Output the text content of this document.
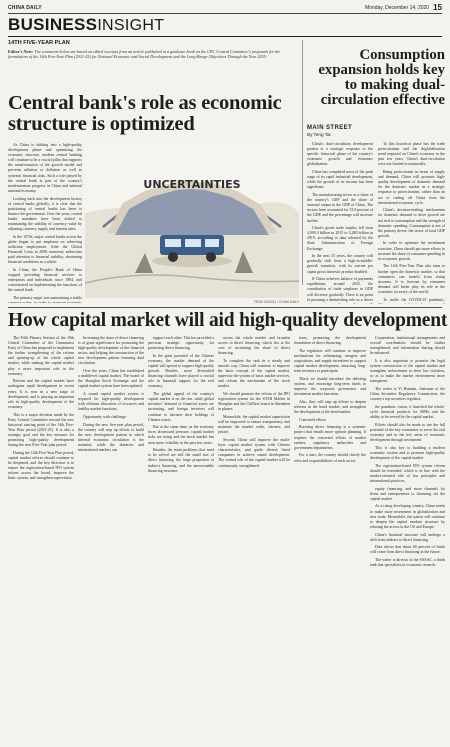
CHINA DAILY	Monday, December 14, 2020 15
BUSINESSINSIGHT
14TH FIVE-YEAR PLAN
Editor's Note: The comments below are based on edited excerpts from an article published in a guidance book on the CPC Central Committee's proposals for the formulation of the 14th Five-Year Plan (2021-25) for National Economic and Social Development and the Long-Range Objectives Through the Year 2035.
Central bank's role as economic structure is optimized
UNCERTAINTIES
FENG ZHUOLI / CHINA DAILY

As China is shifting into a high-quality development phase and optimizing the economic structure, modern central banking will continue to be a crucial pillar that supports the transformation of the growth model and prevents inflation or deflation as well as systemic financial risks. Such a role played by the central bank is part of the country's modernization progress in China and national national economy.

Looking back into the development history of central banks globally, it is clear that the positioning of central banks has been to finance the government. Over the years, central banks' mandates have been shifted to maintaining the stability of currency value by adjusting currency supply and interest rates.

In the 1970s, major central banks across the globe began to put emphasis on achieving sufficient employment. After the Global Financial Crisis in 2008, monetary authorities paid attention to financial stability, shortening financial conditions as a whole.

In China, the People's Bank of China stopped providing financial services to enterprises and individuals since 1984, and concentrated on implementing the functions of the central bank.

The primary target was maintaining a stable

Consumption expansion holds key to making dual-circulation effective
MAIN STREET
By Teng Tai

China's dual-circulation development pattern is a strategic response to the specific historical phase of the country's economic growth and economic globalization.

China has completed most of the peak stage of its rapid industrial development, while the growth of its income has been significant.

The manufacturing sector as a share of the country's GDP and the share of national output in the GDP of China. The sectors have accounted for 53.8 percent of the GDP, and the percentage will increase further.

China's goods trade surplus fell from 4,090.3 billion in 2015 to 3,280 billion in 2019, according to data released by the State Administration of Foreign Exchange.

In the next 15 years, the country will gradually shift from a high-to-middle-growth transition, with its current per capita gross domestic product doubled.

If China achieves balance of payments equilibrium, around 2025, the contribution of trade surpluses to GDP will decrease gradually. There is no point in pursuing a diminishing role as a driver

To this historical phase has the trade protectionism and the deglobalization trend imposed on China's economy in the past few years. China's dual-circulation were not limited economically.

Being protectionist in terms of supply and demand, China will promote high-quality development of domestic demand for the domestic market as a strategic response to protectionism, rather than an act of cutting off China from the international economic cycle.

China's decision-making mechanisms for domestic demand to drive growth are not tied to consumption and the strength of domestic spending. Consumption is not of the primary driver, the sector of total GDP growth.

In order to optimize the investment structure, China should put more efforts to increase the share of consumer spending in its economic growth.

The 14th Five-Year Plan also aims to further open the domestic market, so that consumers can benefit from rising incomes. It is forecast by consumer demand will better play its role in the economic recovery of the world.

To tackle the COVID-19 pandemic,

How capital market will aid high-quality development

The Fifth Plenary Session of the 19th Central Committee of the Communist Party of China has proposed to implement the further strengthening of the reform and opening-up of the whole capital market, while making the capital market play a more important role in the economy.

Reform and the capital market have undergone rapid development in recent years. It is now in a new stage of development, and is playing an important role in high-quality development of the economy.

This is a major decision made by the Party Central Committee toward the new historical starting point of the 14th Five-Year Plan period (2021-25). It is also a strategic goal and the key measure for promoting high-quality development during the new Five-Year plan period.

During the 14th Five-Year Plan period, capital market reform should continue to be deepened, and the key direction is to ensure the registration-based IPO system reform across the board, improve the basic system, and strengthen supervision.

Increasing the share of direct financing is of great significance for promoting the high-quality development of the financial sector, and helping the construction of the new development pattern featuring dual circulation.

Over the years, China has established a multilevel capital market. The board of the Shanghai Stock Exchange and the capital market system have been updated.

A sound capital market system is required for high-quality development with efficient allocation of resources and healthy market functions.

Opportunity with challenge

During the new five-year plan period, the country will step up efforts to build the new development pattern in which internal economic circulation is the mainstay while the domestic and international markets can

support each other. This has provided a precious strategic opportunity for promoting direct financing.

In the great potential of the Chinese economy, the market demand of the capital will spread to support high-quality growth. Besides, more diversified financing channels have played a crucial role in financial support for the real economy.

The global appeal of the country's capital market is on the rise, while global investors' demand of financial assets are increasing, and foreign investors will continue to increase their holdings of Chinese assets.

But at the same time, as the economy faces downward pressure, capital market risks are rising and the stock market has seen more volatility in the past few years.

Besides, the main problems that need to be solved are still the small size of direct financing, the large proportion of indirect financing, and the unreasonable financing structure.

across the whole market and broaden access to direct financing, which lies at the core of increasing the share of direct financing.

To complete the task in a steady and smooth way, China will continue to improve the basic concept of the capital market, supervise the system of basic market services, and reform the mechanism of the stock market.

We should promote the reform of the IPO registration system for the STAR Market in Shanghai and the ChiNext board in Shenzhen in phases.

Meanwhile, the capital market supervision will be improved to ensure transparency, and maintain the market order, fairness, and justice.

Second, China will improve the multi-layer capital market system with Chinese characteristics, and guide diverse listed companies to achieve sound development. The central role of the capital market will be continuously strengthened.

tions, promoting the development foundation of direct financing.

The regulators will continue to improve mechanisms for refinancing, mergers and acquisitions, and supply incentives to support capital market development, attracting long-term investors to participate.

Third, we should introduce the delisting system, and encourage long-term funds to improve the corporate governance and investment market functions.

Also, they will step up efforts to deepen reforms in the bond market, and strengthen the development of the bond market.

Concerted efforts

Boosting direct financing is a systemic project that entails more upfront planning. It requires the concerted efforts of market entities, regulatory authorities and government departments.

For a start, the country should clarify the roles and responsibilities of each sector.

Cooperation, institutional arrangements and overall coordination should be further strengthened, and information sharing should be enhanced.

It is also important to promote the legal system construction of the capital market and strengthen enforcement to deter law violation, so as to make the market environment more transparent.

The writer is Yi Huiman, chairman of the China Securities Regulatory Commission, the country's top securities regulator.

the pandemic vision, it launched the whole-cycle financial products for SMEs and the ability to be served by the capital market.

Efforts should also be made to use the full potential of the key economies to serve the real economy and in the key areas of economic development through investment.

This is also key to building a modern economic system and to promote high-quality development of the capital market.

The registration-based IPO system reform should be extended, which is in line with the market-oriented rule of law principles and international practices.

equity financing, and more channels for firms and entrepreneurs to financing via the capital market.

As a rising developing country, China needs to make more investment in globalization and new trade. Meanwhile, the nation will continue to deepen the capital markets structure by relaxing the access to the US and Europe.

China's financial structure will undergo a shift from indirect to direct financing.

Data shows that about 60 percent of funds will come from direct financing in the future.

The writer is director at the SASAC, a think tank that specializes in economic research.
